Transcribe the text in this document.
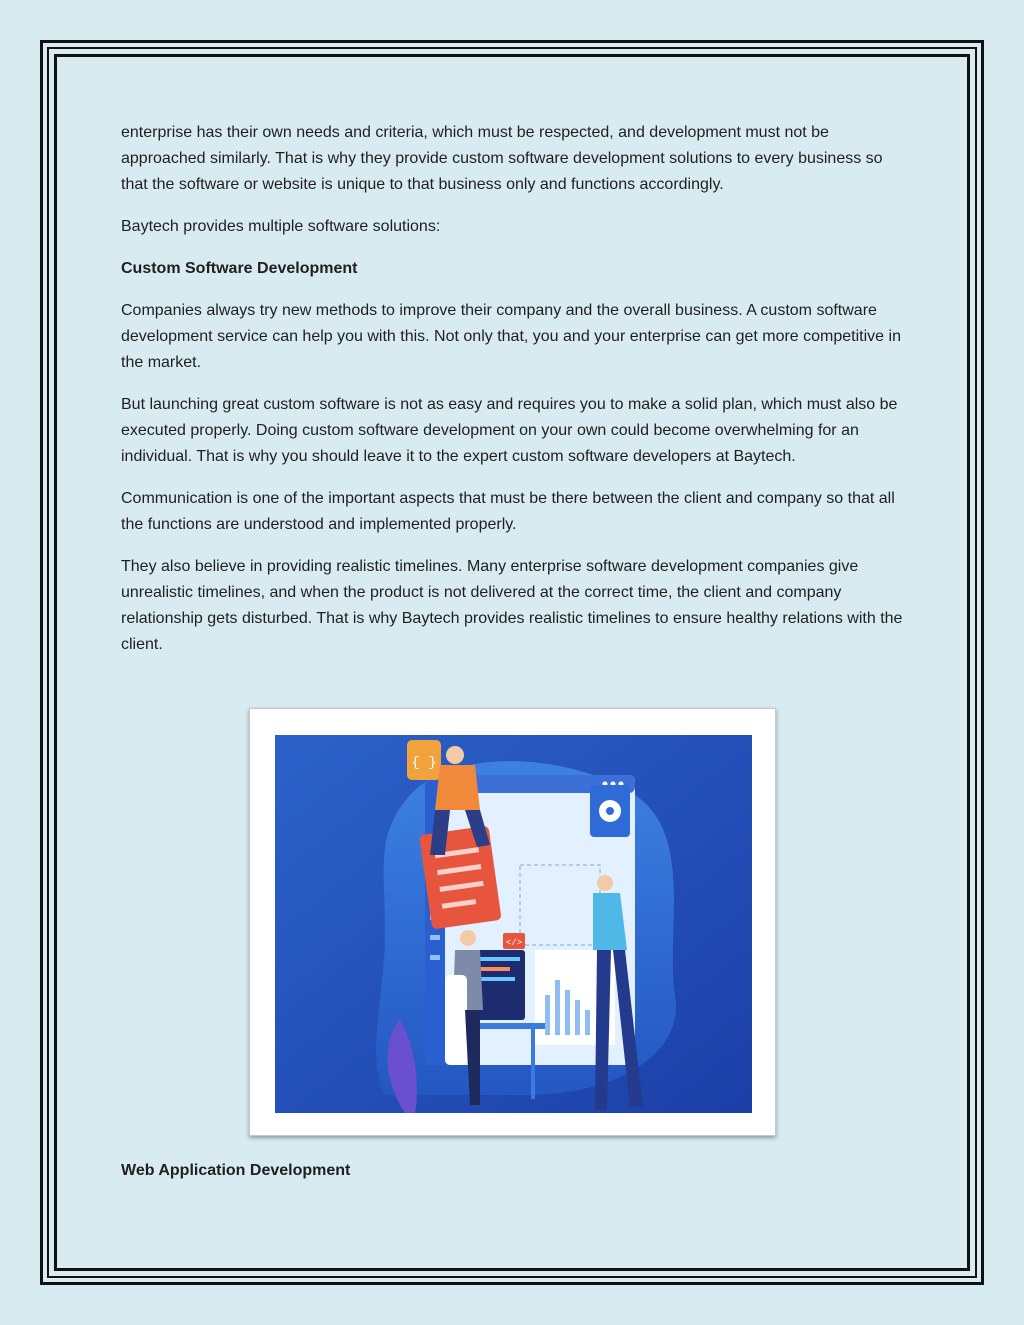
enterprise has their own needs and criteria, which must be respected, and development must not be approached similarly. That is why they provide custom software development solutions to every business so that the software or website is unique to that business only and functions accordingly.

Baytech provides multiple software solutions:

Custom Software Development

Companies always try new methods to improve their company and the overall business. A custom software development service can help you with this. Not only that, you and your enterprise can get more competitive in the market.

But launching great custom software is not as easy and requires you to make a solid plan, which must also be executed properly. Doing custom software development on your own could become overwhelming for an individual. That is why you should leave it to the expert custom software developers at Baytech.

Communication is one of the important aspects that must be there between the client and company so that all the functions are understood and implemented properly.

They also believe in providing realistic timelines. Many enterprise software development companies give unrealistic timelines, and when the product is not delivered at the correct time, the client and company relationship gets disturbed. That is why Baytech provides realistic timelines to ensure healthy relations with the client.

{ }
</>
Web Application Development
